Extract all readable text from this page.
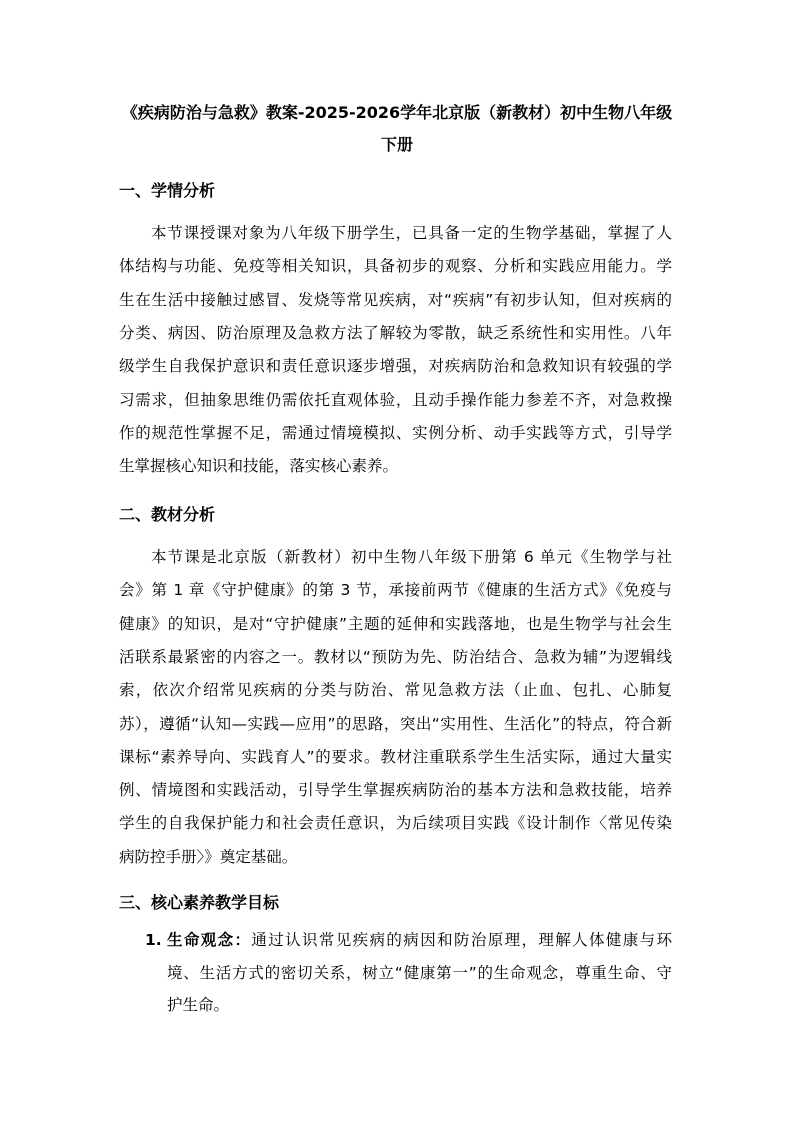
《疾病防治与急救》教案-2025-2026学年北京版（新教材）初中生物八年级
下册
一、学情分析
本节课授课对象为八年级下册学生，已具备一定的生物学基础，掌握了人
体结构与功能、免疫等相关知识，具备初步的观察、分析和实践应用能力。学
生在生活中接触过感冒、发烧等常见疾病，对“疾病”有初步认知，但对疾病的
分类、病因、防治原理及急救方法了解较为零散，缺乏系统性和实用性。八年
级学生自我保护意识和责任意识逐步增强，对疾病防治和急救知识有较强的学
习需求，但抽象思维仍需依托直观体验，且动手操作能力参差不齐，对急救操
作的规范性掌握不足，需通过情境模拟、实例分析、动手实践等方式，引导学
生掌握核心知识和技能，落实核心素养。
二、教材分析
本节课是北京版（新教材）初中生物八年级下册第 6 单元《生物学与社
会》第 1 章《守护健康》的第 3 节，承接前两节《健康的生活方式》《免疫与
健康》的知识，是对“守护健康”主题的延伸和实践落地，也是生物学与社会生
活联系最紧密的内容之一。教材以“预防为先、防治结合、急救为辅”为逻辑线
索，依次介绍常见疾病的分类与防治、常见急救方法（止血、包扎、心肺复
苏），遵循“认知—实践—应用”的思路，突出“实用性、生活化”的特点，符合新
课标“素养导向、实践育人”的要求。教材注重联系学生生活实际，通过大量实
例、情境图和实践活动，引导学生掌握疾病防治的基本方法和急救技能，培养
学生的自我保护能力和社会责任意识，为后续项目实践《设计制作〈常见传染
病防控手册〉》奠定基础。
三、核心素养教学目标
1. 生命观念：通过认识常见疾病的病因和防治原理，理解人体健康与环
境、生活方式的密切关系，树立“健康第一”的生命观念，尊重生命、守
护生命。
